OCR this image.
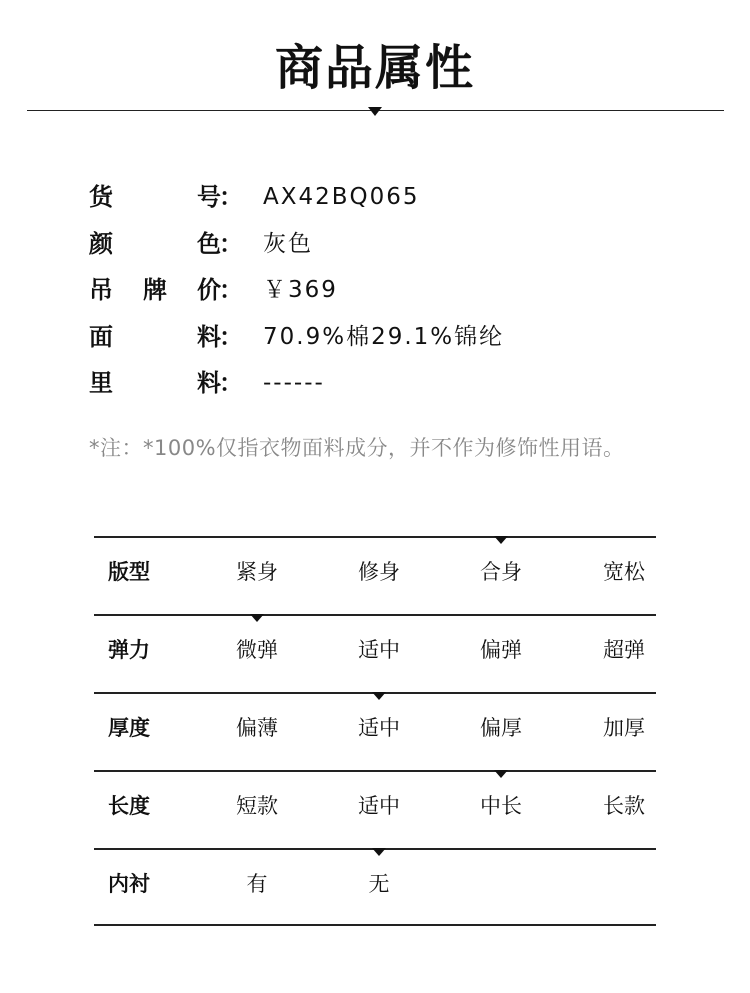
商品属性
货	号
： AX42BQ065
颜	色
： 灰色
吊 牌 价
： ￥369
面	料
： 70.9%棉29.1%锦纶
里	料
： ------
*注：*100%仅指衣物面料成分，并不作为修饰性用语。
版型	紧身	修身	合身	宽松
弹力	微弹	适中	偏弹	超弹
厚度	偏薄	适中	偏厚	加厚
长度	短款	适中	中长	长款
内衬	有	无
